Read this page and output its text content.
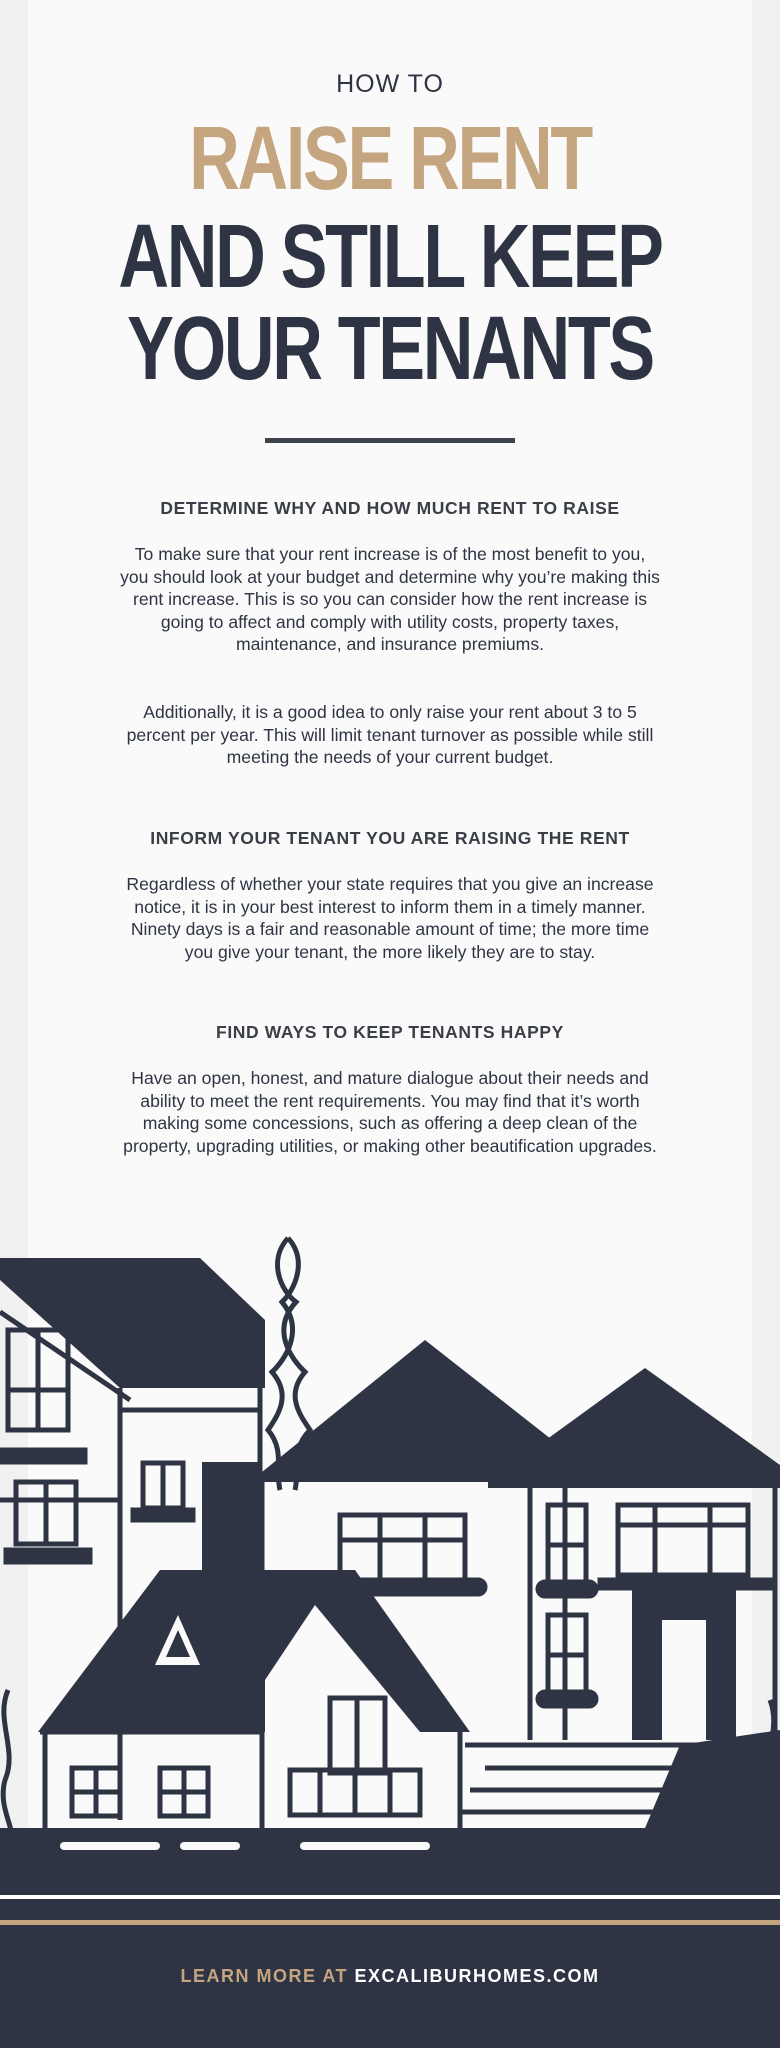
HOW TO
RAISE RENT
AND STILL KEEP
YOUR TENANTS
DETERMINE WHY AND HOW MUCH RENT TO RAISE
To make sure that your rent increase is of the most benefit to you, you should look at your budget and determine why you’re making this rent increase. This is so you can consider how the rent increase is going to affect and comply with utility costs, property taxes, maintenance, and insurance premiums.
Additionally, it is a good idea to only raise your rent about 3 to 5 percent per year. This will limit tenant turnover as possible while still meeting the needs of your current budget.
INFORM YOUR TENANT YOU ARE RAISING THE RENT
Regardless of whether your state requires that you give an increase notice, it is in your best interest to inform them in a timely manner. Ninety days is a fair and reasonable amount of time; the more time you give your tenant, the more likely they are to stay.
FIND WAYS TO KEEP TENANTS HAPPY
Have an open, honest, and mature dialogue about their needs and ability to meet the rent requirements. You may find that it’s worth making some concessions, such as offering a deep clean of the property, upgrading utilities, or making other beautification upgrades.
LEARN MORE AT EXCALIBURHOMES.COM
